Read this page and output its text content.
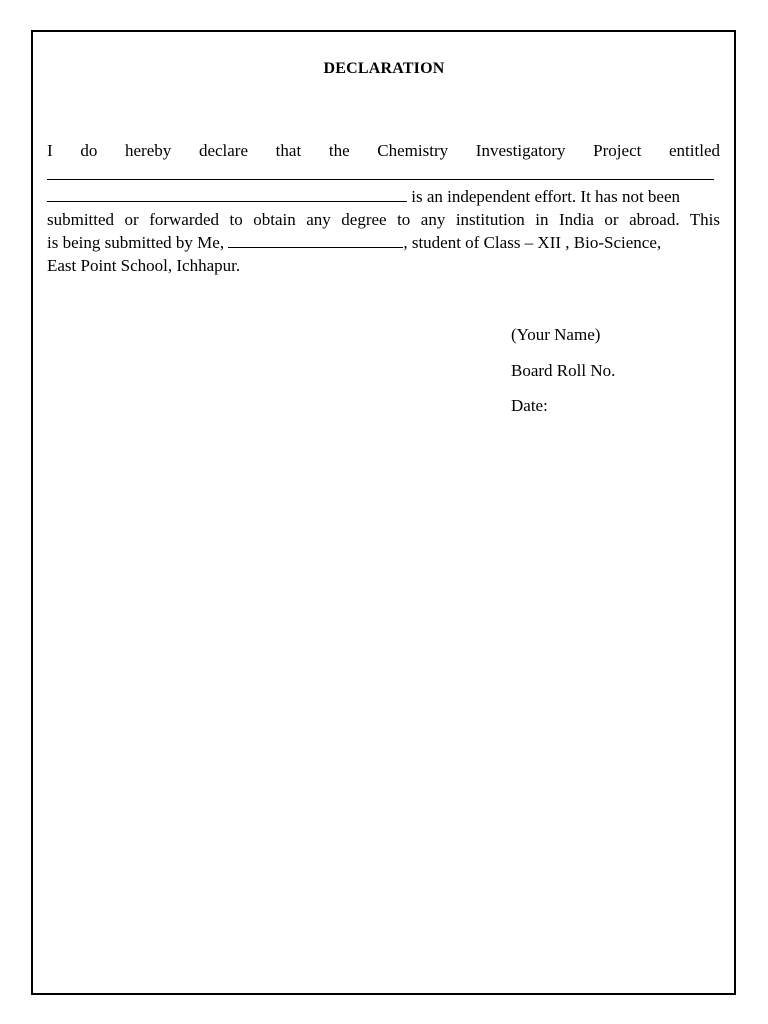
DECLARATION
I do hereby declare that the Chemistry Investigatory Project entitled
is an independent effort. It has not been
submitted or forwarded to obtain any degree to any institution in India or abroad. This
is being submitted by Me,	, student of Class – XII , Bio-Science,
East Point School, Ichhapur.
(Your Name)
Board Roll No.
Date:
